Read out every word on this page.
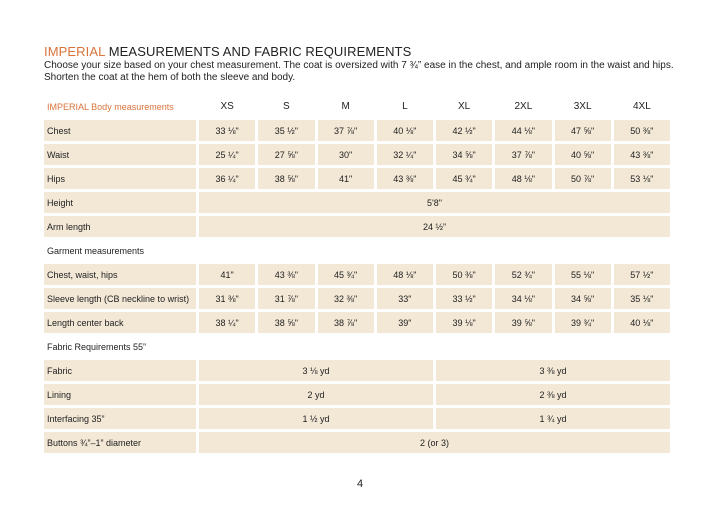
IMPERIAL MEASUREMENTS AND FABRIC REQUIREMENTS
Choose your size based on your chest measurement. The coat is oversized with 7 ¾” ease in the chest, and ample room in the waist and hips. Shorten the coat at the hem of both the sleeve and body.
IMPERIAL Body measurements	XS	S	M	L	XL	2XL	3XL	4XL
Chest	33 ⅛"	35 ½"	37 ⅞"	40 ⅛"	42 ½"	44 ⅛"	47 ⅝"	50 ⅜"
Waist	25 ¼"	27 ⅝"	30"	32 ¼"	34 ⅝"	37 ⅞"	40 ⅝"	43 ⅜"
Hips	36 ¼"	38 ⅝"	41"	43 ⅜"	45 ¾"	48 ⅛"	50 ⅞"	53 ⅛"
Height	5'8"							
Arm length	24 ½”							
Garment measurements								
Chest, waist, hips	41"	43 ⅜"	45 ¾"	48 ⅛"	50 ⅜"	52 ¾"	55 ⅛"	57 ½"
Sleeve length (CB neckline to wrist)	31 ⅜"	31 ⅞"	32 ⅜"	33"	33 ½"	34 ⅛"	34 ⅝"	35 ⅛"
Length center back	38 ¼"	38 ⅝"	38 ⅞"	39"	39 ⅛"	39 ⅝"	39 ¾"	40 ⅛"
Fabric Requirements 55”								
Fabric	3 ⅛ yd				3 ⅜ yd			
Lining	2 yd				2 ⅜ yd			
Interfacing 35”	1 ½ yd				1 ¾ yd			
Buttons ¾”–1” diameter	2 (or 3)							
4
